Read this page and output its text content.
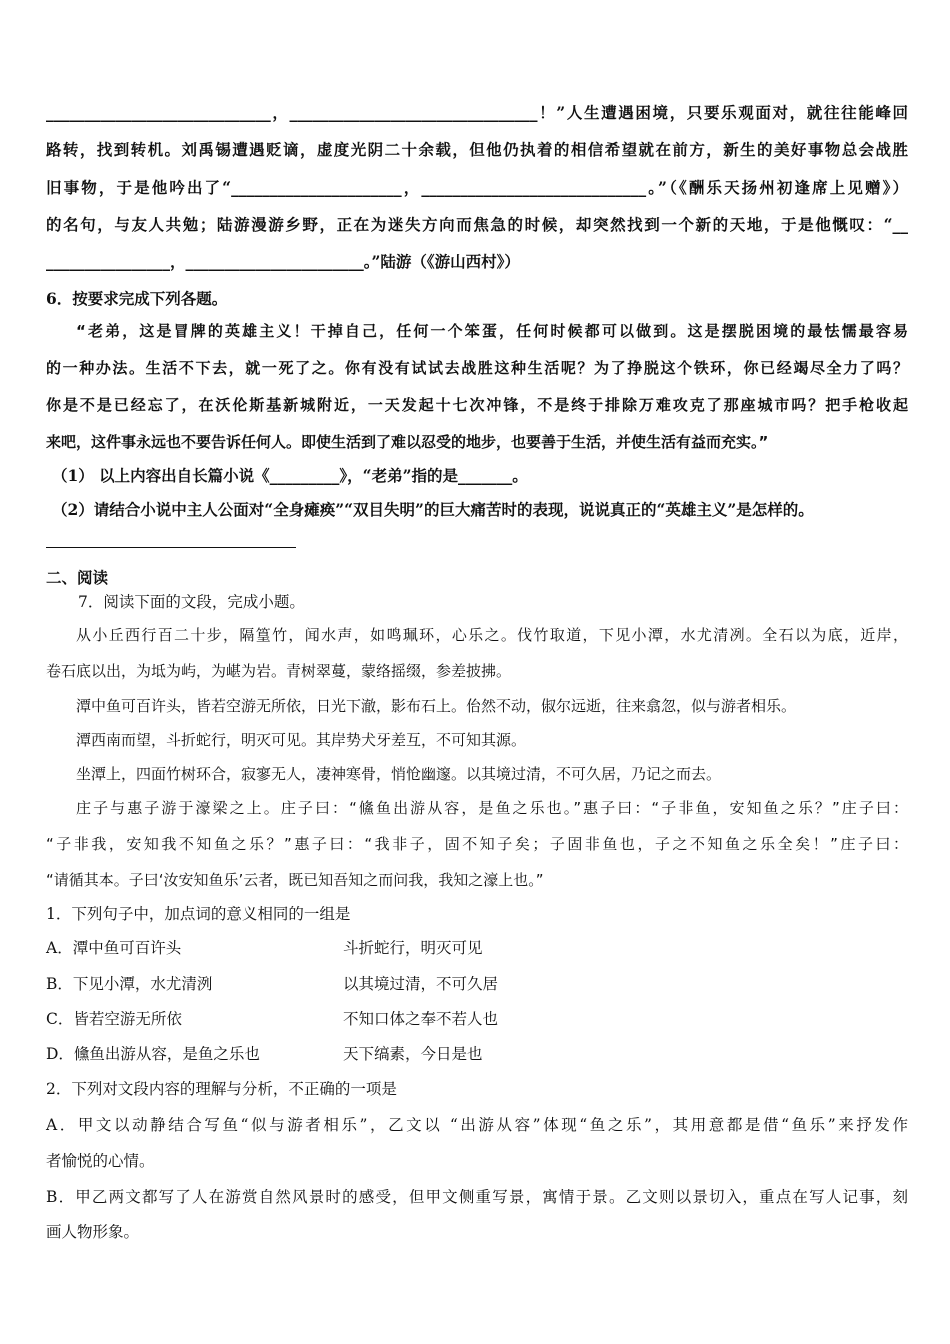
_____________________________，________________________________！”人生遭遇困境，只要乐观面对，就往往能峰回
路转，找到转机。刘禹锡遭遇贬谪，虚度光阴二十余载，但他仍执着的相信希望就在前方，新生的美好事物总会战胜
旧事物，于是他吟出了“______________________，_____________________________。”（《酬乐天扬州初逢席上见赠》）
的名句，与友人共勉；陆游漫游乡野，正在为迷失方向而焦急的时候，却突然找到一个新的天地，于是他慨叹：“__
________________，_______________________。”陆游（《游山西村》）
6．按要求完成下列各题。
“老弟，这是冒牌的英雄主义！干掉自己，任何一个笨蛋，任何时候都可以做到。这是摆脱困境的最怯懦最容易
的一种办法。生活不下去，就一死了之。你有没有试试去战胜这种生活呢？为了挣脱这个铁环，你已经竭尽全力了吗？
你是不是已经忘了，在沃伦斯基新城附近，一天发起十七次冲锋，不是终于排除万难攻克了那座城市吗？把手枪收起
来吧，这件事永远也不要告诉任何人。即使生活到了难以忍受的地步，也要善于生活，并使生活有益而充实。”
（1） 以上内容出自长篇小说《_________》，“老弟”指的是_______。
（2）请结合小说中主人公面对“全身瘫痪”“双目失明”的巨大痛苦时的表现，说说真正的“英雄主义”是怎样的。
二、阅读
7．阅读下面的文段，完成小题。
从小丘西行百二十步，隔篁竹，闻水声，如鸣珮环，心乐之。伐竹取道，下见小潭，水尤清冽。全石以为底，近岸，
卷石底以出，为坻为屿，为嵁为岩。青树翠蔓，蒙络摇缀，参差披拂。
潭中鱼可百许头，皆若空游无所依，日光下澈，影布石上。佁然不动，俶尔远逝，往来翕忽，似与游者相乐。
潭西南而望，斗折蛇行，明灭可见。其岸势犬牙差互，不可知其源。
坐潭上，四面竹树环合，寂寥无人，凄神寒骨，悄怆幽邃。以其境过清，不可久居，乃记之而去。
庄子与惠子游于濠梁之上。庄子曰：“鯈鱼出游从容，是鱼之乐也。”惠子曰：“子非鱼，安知鱼之乐？”庄子曰：
“子非我，安知我不知鱼之乐？”惠子曰：“我非子，固不知子矣；子固非鱼也，子之不知鱼之乐全矣！”庄子曰：
“请循其本。子曰‘汝安知鱼乐’云者，既已知吾知之而问我，我知之濠上也。”
1．下列句子中，加点词的意义相同的一组是
A．潭中鱼可百许头	斗折蛇行，明灭可见
B．下见小潭，水尤清洌	以其境过清，不可久居
C．皆若空游无所依	不知口体之奉不若人也
D．儵鱼出游从容，是鱼之乐也	天下缟素，今日是也
2．下列对文段内容的理解与分析，不正确的一项是
A．甲文以动静结合写鱼“似与游者相乐”，乙文以 “出游从容”体现“鱼之乐”，其用意都是借“鱼乐”来抒发作
者愉悦的心情。
B．甲乙两文都写了人在游赏自然风景时的感受，但甲文侧重写景，寓情于景。乙文则以景切入，重点在写人记事，刻
画人物形象。
